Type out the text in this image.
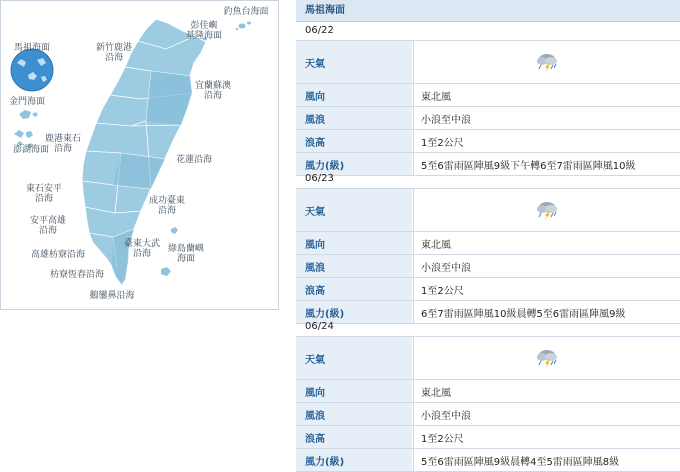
釣魚台海面
彭佳嶼
基隆海面
馬祖海面	新竹鹿港
沿海
宜蘭蘇澳
沿海
金門海面
鹿港東石
沿海
澎湖海面
花蓮沿海
東石安平
沿海	成功臺東
沿海
安平高雄
沿海
臺東大武
沿海	綠島蘭嶼
海面
高雄枋寮沿海
枋寮恆春沿海
鵝鑾鼻沿海
馬祖海面
06/22
天氣
風向	東北風
風浪	小浪至中浪
浪高	1至2公尺
風力(級)	5至6雷雨區陣風9級下午轉6至7雷雨區陣風10級
06/23
天氣
風向	東北風
風浪	小浪至中浪
浪高	1至2公尺
風力(級)	6至7雷雨區陣風10級晨轉5至6雷雨區陣風9級
06/24
天氣
風向	東北風
風浪	小浪至中浪
浪高	1至2公尺
風力(級)	5至6雷雨區陣風9級晨轉4至5雷雨區陣風8級
